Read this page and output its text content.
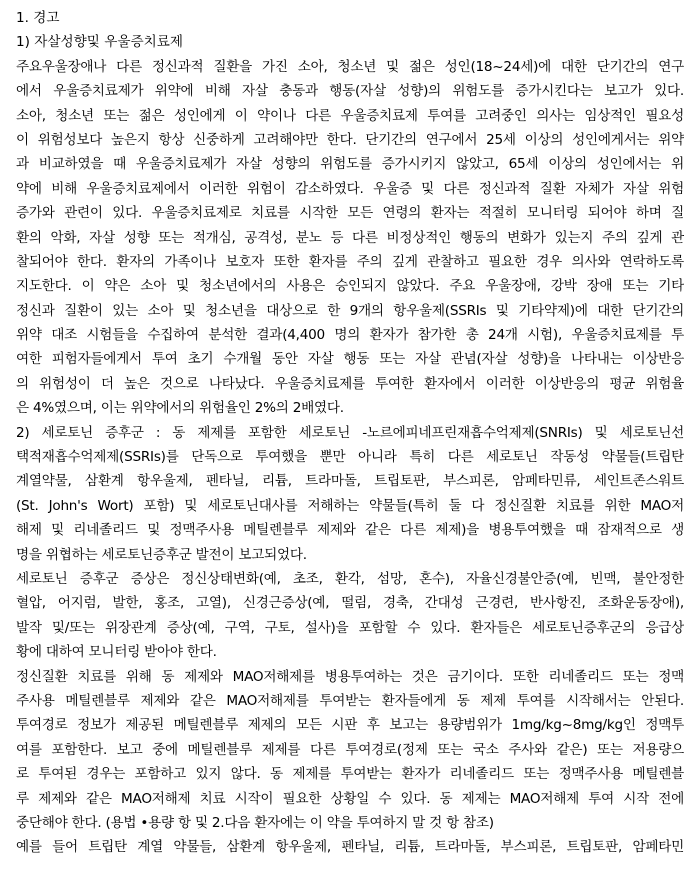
1. 경고
1) 자살성향및 우울증치료제
주요우울장애나 다른 정신과적 질환을 가진 소아, 청소년 및 젊은 성인(18~24세)에 대한 단기간의 연구
에서 우울증치료제가 위약에 비해 자살 충동과 행동(자살 성향)의 위험도를 증가시킨다는 보고가 있다.
소아, 청소년 또는 젊은 성인에게 이 약이나 다른 우울증치료제 투여를 고려중인 의사는 임상적인 필요성
이 위험성보다 높은지 항상 신중하게 고려해야만 한다. 단기간의 연구에서 25세 이상의 성인에게서는 위약
과 비교하였을 때 우울증치료제가 자살 성향의 위험도를 증가시키지 않았고, 65세 이상의 성인에서는 위
약에 비해 우울증치료제에서 이러한 위험이 감소하였다. 우울증 및 다른 정신과적 질환 자체가 자살 위험
증가와 관련이 있다. 우울증치료제로 치료를 시작한 모든 연령의 환자는 적절히 모니터링 되어야 하며 질
환의 악화, 자살 성향 또는 적개심, 공격성, 분노 등 다른 비정상적인 행동의 변화가 있는지 주의 깊게 관
찰되어야 한다. 환자의 가족이나 보호자 또한 환자를 주의 깊게 관찰하고 필요한 경우 의사와 연락하도록
지도한다. 이 약은 소아 및 청소년에서의 사용은 승인되지 않았다. 주요 우울장애, 강박 장애 또는 기타
정신과 질환이 있는 소아 및 청소년을 대상으로 한 9개의 항우울제(SSRIs 및 기타약제)에 대한 단기간의
위약 대조 시험들을 수집하여 분석한 결과(4,400 명의 환자가 참가한 총 24개 시험), 우울증치료제를 투
여한 피험자들에게서 투여 초기 수개월 동안 자살 행동 또는 자살 관념(자살 성향)을 나타내는 이상반응
의 위험성이 더 높은 것으로 나타났다. 우울증치료제를 투여한 환자에서 이러한 이상반응의 평균 위험율
은 4%였으며, 이는 위약에서의 위험율인 2%의 2배였다.
2) 세로토닌 증후군 : 동 제제를 포함한 세로토닌 -노르에피네프린재흡수억제제(SNRIs) 및 세로토닌선
택적재흡수억제제(SSRIs)를 단독으로 투여했을 뿐만 아니라 특히 다른 세로토닌 작동성 약물들(트립탄
계열약물, 삼환계 항우울제, 펜타닐, 리튬, 트라마돌, 트립토판, 부스피론, 암페타민류, 세인트존스워트
(St. John's Wort) 포함) 및 세로토닌대사를 저해하는 약물들(특히 둘 다 정신질환 치료를 위한 MAO저
해제 및 리네졸리드 및 정맥주사용 메틸렌블루 제제와 같은 다른 제제)을 병용투여했을 때 잠재적으로 생
명을 위협하는 세로토닌증후군 발전이 보고되었다.
세로토닌 증후군 증상은 정신상태변화(예, 초조, 환각, 섬망, 혼수), 자율신경불안증(예, 빈맥, 불안정한
혈압, 어지럼, 발한, 홍조, 고열), 신경근증상(예, 떨림, 경축, 간대성 근경련, 반사항진, 조화운동장애),
발작 및/또는 위장관계 증상(예, 구역, 구토, 설사)을 포함할 수 있다. 환자들은 세로토닌증후군의 응급상
황에 대하여 모니터링 받아야 한다.
정신질환 치료를 위해 동 제제와 MAO저해제를 병용투여하는 것은 금기이다. 또한 리네졸리드 또는 정맥
주사용 메틸렌블루 제제와 같은 MAO저해제를 투여받는 환자들에게 동 제제 투여를 시작해서는 안된다.
투여경로 정보가 제공된 메틸렌블루 제제의 모든 시판 후 보고는 용량범위가 1mg/kg~8mg/kg인 정맥투
여를 포함한다. 보고 중에 메틸렌블루 제제를 다른 투여경로(정제 또는 국소 주사와 같은) 또는 저용량으
로 투여된 경우는 포함하고 있지 않다. 동 제제를 투여받는 환자가 리네졸리드 또는 정맥주사용 메틸렌블
루 제제와 같은 MAO저해제 치료 시작이 필요한 상황일 수 있다. 동 제제는 MAO저해제 투여 시작 전에
중단해야 한다. (용법 •용량 항 및 2.다음 환자에는 이 약을 투여하지 말 것 항 참조)
예를 들어 트립탄 계열 약물들, 삼환계 항우울제, 펜타닐, 리튬, 트라마돌, 부스피론, 트립토판, 암페타민
